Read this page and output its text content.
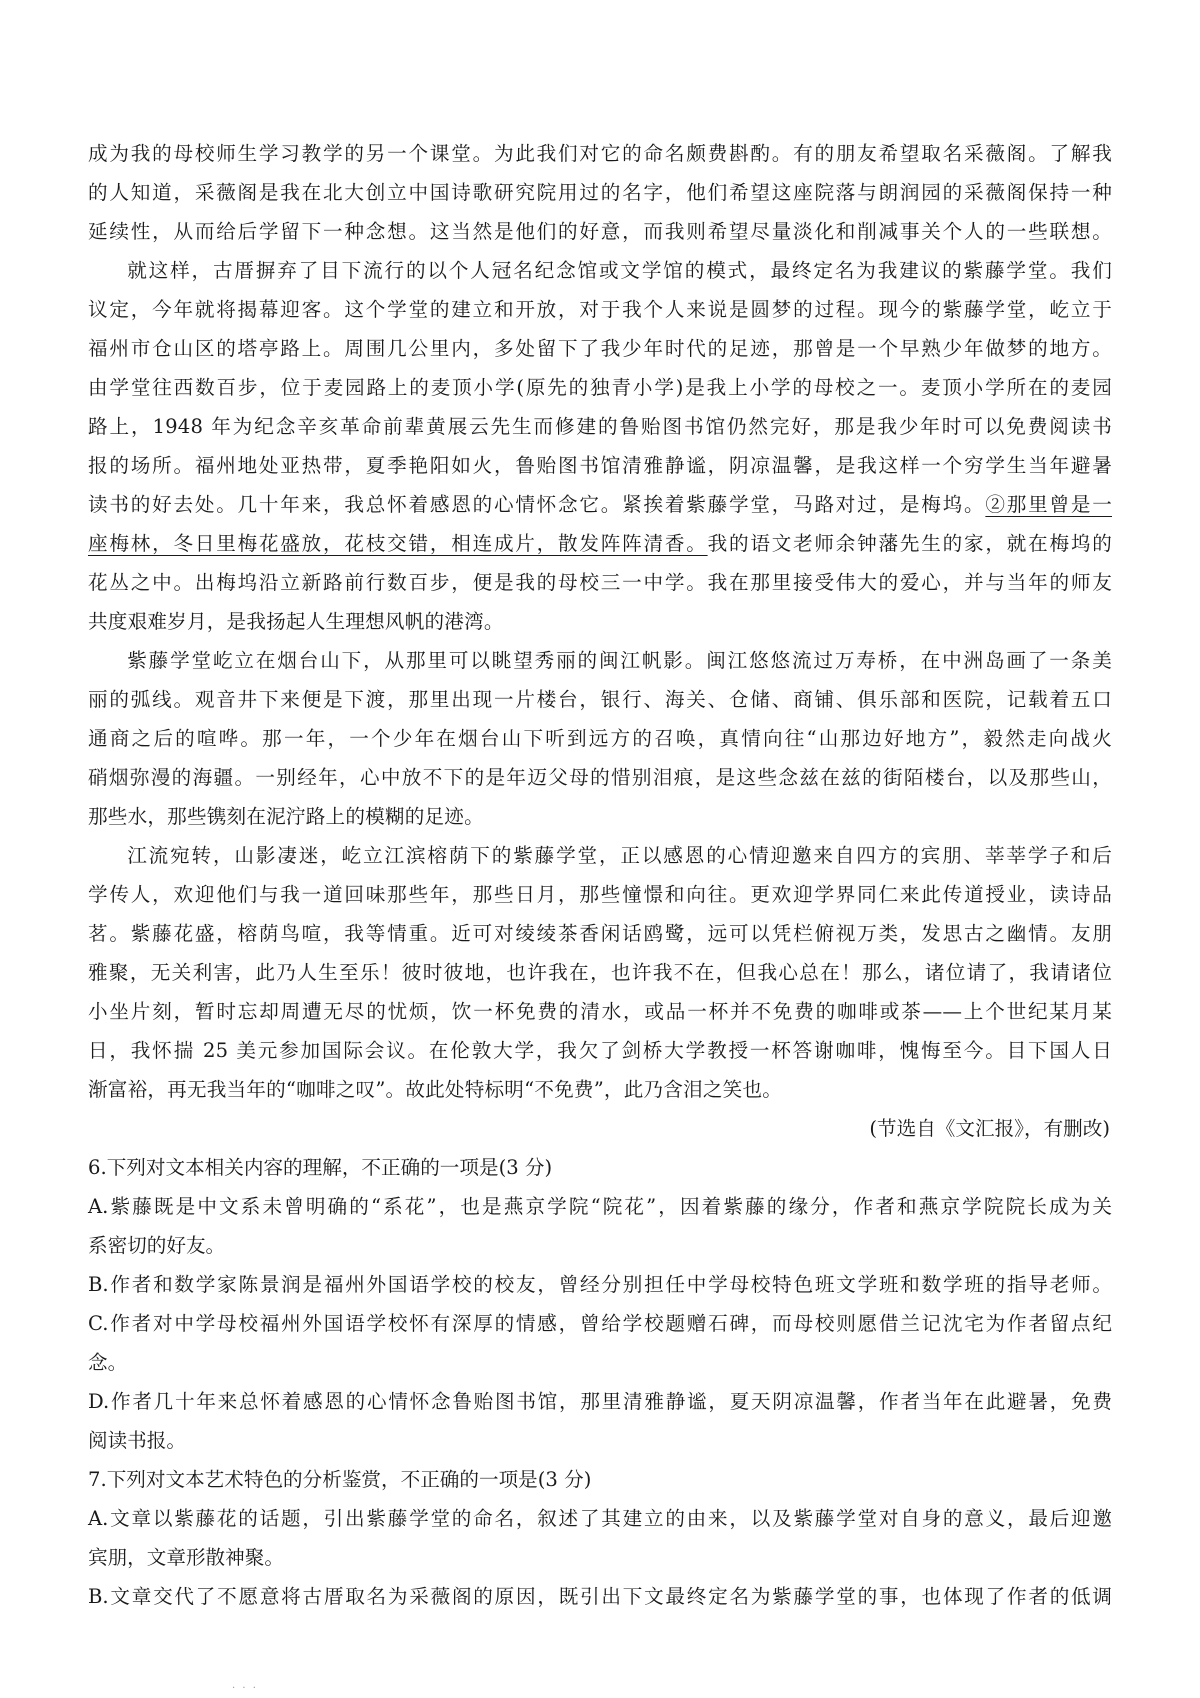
成为我的母校师生学习教学的另一个课堂。为此我们对它的命名颇费斟酌。有的朋友希望取名采薇阁。了解我

的人知道，采薇阁是我在北大创立中国诗歌研究院用过的名字，他们希望这座院落与朗润园的采薇阁保持一种

延续性，从而给后学留下一种念想。这当然是他们的好意，而我则希望尽量淡化和削减事关个人的一些联想。

就这样，古厝摒弃了目下流行的以个人冠名纪念馆或文学馆的模式，最终定名为我建议的紫藤学堂。我们

议定，今年就将揭幕迎客。这个学堂的建立和开放，对于我个人来说是圆梦的过程。现今的紫藤学堂，屹立于

福州市仓山区的塔亭路上。周围几公里内，多处留下了我少年时代的足迹，那曾是一个早熟少年做梦的地方。

由学堂往西数百步，位于麦园路上的麦顶小学(原先的独青小学)是我上小学的母校之一。麦顶小学所在的麦园

路上，1948 年为纪念辛亥革命前辈黄展云先生而修建的鲁贻图书馆仍然完好，那是我少年时可以免费阅读书

报的场所。福州地处亚热带，夏季艳阳如火，鲁贻图书馆清雅静谧，阴凉温馨，是我这样一个穷学生当年避暑

读书的好去处。几十年来，我总怀着感恩的心情怀念它。紧挨着紫藤学堂，马路对过，是梅坞。②那里曾是一

座梅林，冬日里梅花盛放，花枝交错，相连成片，散发阵阵清香。我的语文老师余钟藩先生的家，就在梅坞的

花丛之中。出梅坞沿立新路前行数百步，便是我的母校三一中学。我在那里接受伟大的爱心，并与当年的师友

共度艰难岁月，是我扬起人生理想风帆的港湾。

紫藤学堂屹立在烟台山下，从那里可以眺望秀丽的闽江帆影。闽江悠悠流过万寿桥，在中洲岛画了一条美

丽的弧线。观音井下来便是下渡，那里出现一片楼台，银行、海关、仓储、商铺、俱乐部和医院，记载着五口

通商之后的喧哗。那一年，一个少年在烟台山下听到远方的召唤，真情向往“山那边好地方”，毅然走向战火

硝烟弥漫的海疆。一别经年，心中放不下的是年迈父母的惜别泪痕，是这些念兹在兹的街陌楼台，以及那些山，

那些水，那些镌刻在泥泞路上的模糊的足迹。

江流宛转，山影凄迷，屹立江滨榕荫下的紫藤学堂，正以感恩的心情迎邀来自四方的宾朋、莘莘学子和后

学传人，欢迎他们与我一道回味那些年，那些日月，那些憧憬和向往。更欢迎学界同仁来此传道授业，读诗品

茗。紫藤花盛，榕荫鸟喧，我等情重。近可对绫绫茶香闲话鸥鹭，远可以凭栏俯视万类，发思古之幽情。友朋

雅聚，无关利害，此乃人生至乐！彼时彼地，也许我在，也许我不在，但我心总在！那么，诸位请了，我请诸位

小坐片刻，暂时忘却周遭无尽的忧烦，饮一杯免费的清水，或品一杯并不免费的咖啡或茶——上个世纪某月某

日，我怀揣 25 美元参加国际会议。在伦敦大学，我欠了剑桥大学教授一杯答谢咖啡，愧悔至今。目下国人日

渐富裕，再无我当年的“咖啡之叹”。故此处特标明“不免费”，此乃含泪之笑也。

(节选自《文汇报》，有删改)

6.下列对文本相关内容的理解，不正确的一项是(3 分)

A.紫藤既是中文系未曾明确的“系花”，也是燕京学院“院花”，因着紫藤的缘分，作者和燕京学院院长成为关
系密切的好友。
B.作者和数学家陈景润是福州外国语学校的校友，曾经分别担任中学母校特色班文学班和数学班的指导老师。
C.作者对中学母校福州外国语学校怀有深厚的情感，曾给学校题赠石碑，而母校则愿借兰记沈宅为作者留点纪
念。
D.作者几十年来总怀着感恩的心情怀念鲁贻图书馆，那里清雅静谧，夏天阴凉温馨，作者当年在此避暑，免费
阅读书报。

7.下列对文本艺术特色的分析鉴赏，不正确的一项是(3 分)

A.文章以紫藤花的话题，引出紫藤学堂的命名，叙述了其建立的由来，以及紫藤学堂对自身的意义，最后迎邀
宾朋，文章形散神聚。
B.文章交代了不愿意将古厝取名为采薇阁的原因，既引出下文最终定名为紫藤学堂的事，也体现了作者的低调
· · ·
